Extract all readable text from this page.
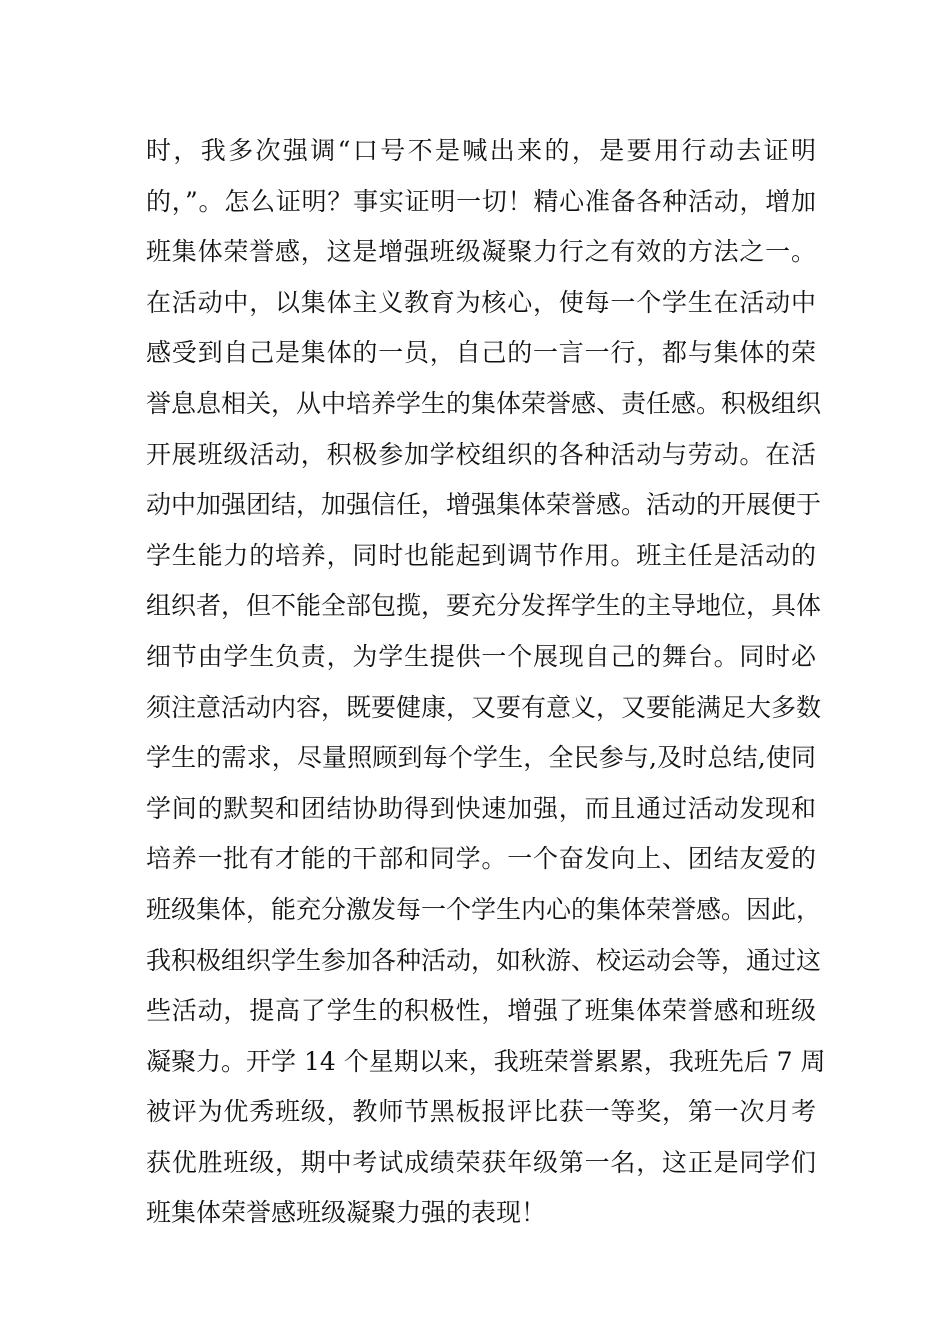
时，我多次强调“口号不是喊出来的，是要用行动去证明
的，”。怎么证明？事实证明一切！精心准备各种活动，增加
班集体荣誉感，这是增强班级凝聚力行之有效的方法之一。
在活动中，以集体主义教育为核心，使每一个学生在活动中
感受到自己是集体的一员，自己的一言一行，都与集体的荣
誉息息相关，从中培养学生的集体荣誉感、责任感。积极组织
开展班级活动，积极参加学校组织的各种活动与劳动。在活
动中加强团结，加强信任，增强集体荣誉感。活动的开展便于
学生能力的培养，同时也能起到调节作用。班主任是活动的
组织者，但不能全部包揽，要充分发挥学生的主导地位，具体
细节由学生负责，为学生提供一个展现自己的舞台。同时必
须注意活动内容，既要健康，又要有意义，又要能满足大多数
学生的需求，尽量照顾到每个学生，全民参与,及时总结,使同
学间的默契和团结协助得到快速加强，而且通过活动发现和
培养一批有才能的干部和同学。一个奋发向上、团结友爱的
班级集体，能充分激发每一个学生内心的集体荣誉感。因此，
我积极组织学生参加各种活动，如秋游、校运动会等，通过这
些活动，提高了学生的积极性，增强了班集体荣誉感和班级
凝聚力。开学 14 个星期以来，我班荣誉累累，我班先后 7 周
被评为优秀班级，教师节黑板报评比获一等奖，第一次月考
获优胜班级，期中考试成绩荣获年级第一名，这正是同学们
班集体荣誉感班级凝聚力强的表现！
